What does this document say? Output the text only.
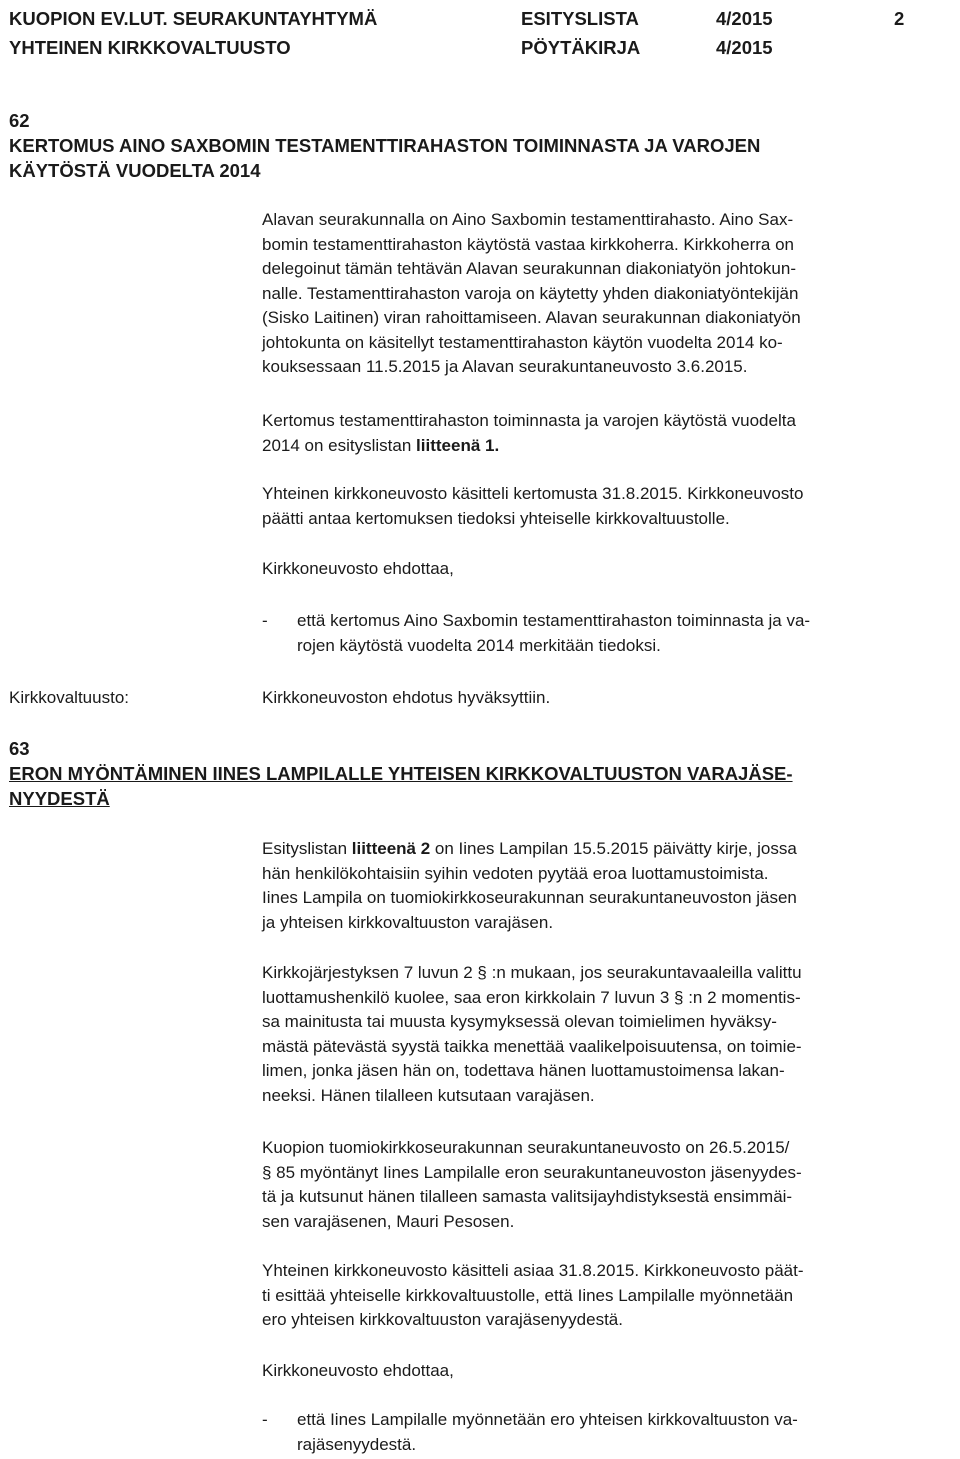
KUOPION EV.LUT. SEURAKUNTAYHTYMÄ	ESITYSLISTA	4/2015	2
YHTEINEN KIRKKOVALTUUSTO	PÖYTÄKIRJA	4/2015
62
KERTOMUS AINO SAXBOMIN TESTAMENTTIRAHASTON TOIMINNASTA JA VAROJEN
KÄYTÖSTÄ VUODELTA 2014
Alavan seurakunnalla on Aino Saxbomin testamenttirahasto. Aino Sax-
bomin testamenttirahaston käytöstä vastaa kirkkoherra. Kirkkoherra on
delegoinut tämän tehtävän Alavan seurakunnan diakoniatyön johtokun-
nalle. Testamenttirahaston varoja on käytetty yhden diakoniatyöntekijän
(Sisko Laitinen) viran rahoittamiseen. Alavan seurakunnan diakoniatyön
johtokunta on käsitellyt testamenttirahaston käytön vuodelta 2014 ko-
kouksessaan 11.5.2015 ja Alavan seurakuntaneuvosto 3.6.2015.
Kertomus testamenttirahaston toiminnasta ja varojen käytöstä vuodelta
2014 on esityslistan liitteenä 1.
Yhteinen kirkkoneuvosto käsitteli kertomusta 31.8.2015. Kirkkoneuvosto
päätti antaa kertomuksen tiedoksi yhteiselle kirkkovaltuustolle.
Kirkkoneuvosto ehdottaa,
- että kertomus Aino Saxbomin testamenttirahaston toiminnasta ja va-
rojen käytöstä vuodelta 2014 merkitään tiedoksi.
Kirkkovaltuusto:	Kirkkoneuvoston ehdotus hyväksyttiin.
63
ERON MYÖNTÄMINEN IINES LAMPILALLE YHTEISEN KIRKKOVALTUUSTON VARAJÄSE-
NYYDESTÄ
Esityslistan liitteenä 2 on Iines Lampilan 15.5.2015 päivätty kirje, jossa
hän henkilökohtaisiin syihin vedoten pyytää eroa luottamustoimista.
Iines Lampila on tuomiokirkkoseurakunnan seurakuntaneuvoston jäsen
ja yhteisen kirkkovaltuuston varajäsen.
Kirkkojärjestyksen 7 luvun 2 § :n mukaan, jos seurakuntavaaleilla valittu
luottamushenkilö kuolee, saa eron kirkkolain 7 luvun 3 § :n 2 momentis-
sa mainitusta tai muusta kysymyksessä olevan toimielimen hyväksy-
mästä pätevästä syystä taikka menettää vaalikelpoisuutensa, on toimie-
limen, jonka jäsen hän on, todettava hänen luottamustoimensa lakan-
neeksi. Hänen tilalleen kutsutaan varajäsen.
Kuopion tuomiokirkkoseurakunnan seurakuntaneuvosto on 26.5.2015/
§ 85 myöntänyt Iines Lampilalle eron seurakuntaneuvoston jäsenyydes-
tä ja kutsunut hänen tilalleen samasta valitsijayhdistyksestä ensimmäi-
sen varajäsenen, Mauri Pesosen.
Yhteinen kirkkoneuvosto käsitteli asiaa 31.8.2015. Kirkkoneuvosto päät-
ti esittää yhteiselle kirkkovaltuustolle, että Iines Lampilalle myönnetään
ero yhteisen kirkkovaltuuston varajäsenyydestä.
Kirkkoneuvosto ehdottaa,
- että Iines Lampilalle myönnetään ero yhteisen kirkkovaltuuston va-
rajäsenyydestä.
